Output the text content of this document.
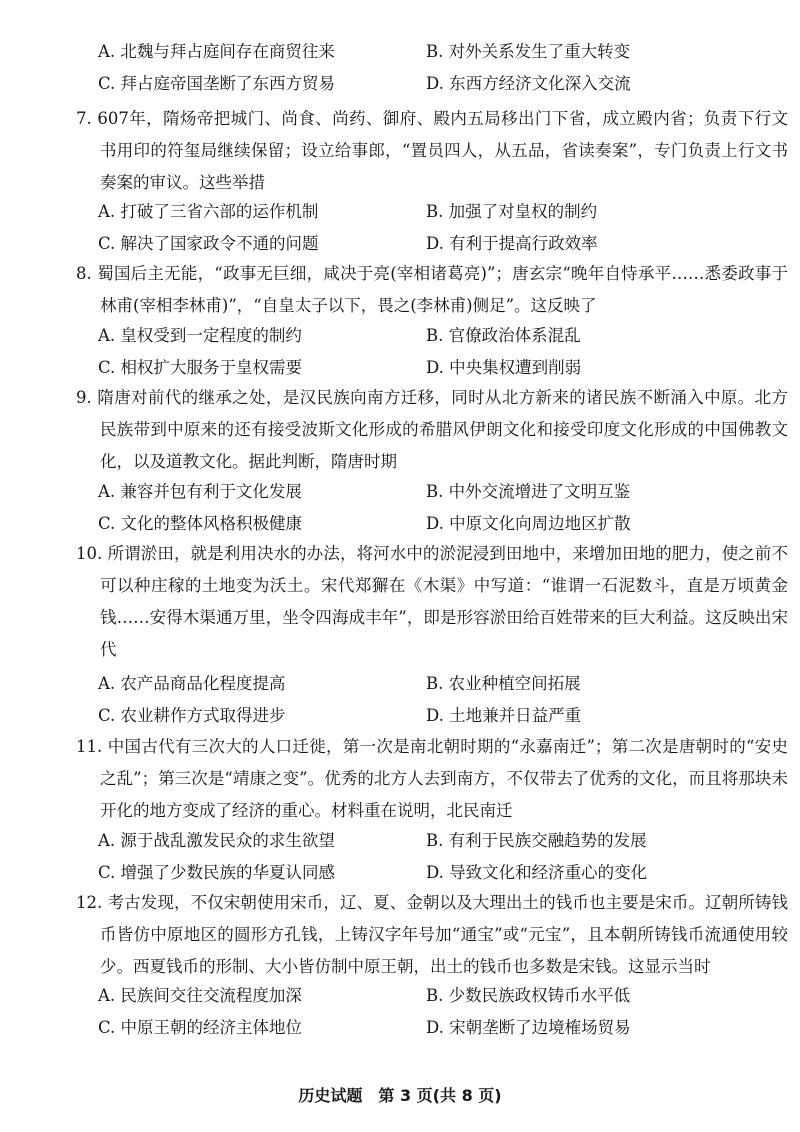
A. 北魏与拜占庭间存在商贸往来	B. 对外关系发生了重大转变
C. 拜占庭帝国垄断了东西方贸易	D. 东西方经济文化深入交流
7. 607年，隋炀帝把城门、尚食、尚药、御府、殿内五局移出门下省，成立殿内省；负责下行文书用印的符玺局继续保留；设立给事郎，“置员四人，从五品，省读奏案”，专门负责上行文书奏案的审议。这些举措
A. 打破了三省六部的运作机制	B. 加强了对皇权的制约
C. 解决了国家政令不通的问题	D. 有利于提高行政效率
8. 蜀国后主无能，“政事无巨细，咸决于亮(宰相诸葛亮)”；唐玄宗“晚年自恃承平……悉委政事于林甫(宰相李林甫)”，“自皇太子以下，畏之(李林甫)侧足”。这反映了
A. 皇权受到一定程度的制约	B. 官僚政治体系混乱
C. 相权扩大服务于皇权需要	D. 中央集权遭到削弱
9. 隋唐对前代的继承之处，是汉民族向南方迁移，同时从北方新来的诸民族不断涌入中原。北方民族带到中原来的还有接受波斯文化形成的希腊风伊朗文化和接受印度文化形成的中国佛教文化，以及道教文化。据此判断，隋唐时期
A. 兼容并包有利于文化发展	B. 中外交流增进了文明互鉴
C. 文化的整体风格积极健康	D. 中原文化向周边地区扩散
10. 所谓淤田，就是利用决水的办法，将河水中的淤泥浸到田地中，来增加田地的肥力，使之前不可以种庄稼的土地变为沃土。宋代郑獬在《木渠》中写道：“谁谓一石泥数斗，直是万顷黄金钱……安得木渠通万里，坐令四海成丰年”，即是形容淤田给百姓带来的巨大利益。这反映出宋代
A. 农产品商品化程度提高	B. 农业种植空间拓展
C. 农业耕作方式取得进步	D. 土地兼并日益严重
11. 中国古代有三次大的人口迁徙，第一次是南北朝时期的“永嘉南迁”；第二次是唐朝时的“安史之乱”；第三次是“靖康之变”。优秀的北方人去到南方，不仅带去了优秀的文化，而且将那块未开化的地方变成了经济的重心。材料重在说明，北民南迁
A. 源于战乱激发民众的求生欲望	B. 有利于民族交融趋势的发展
C. 增强了少数民族的华夏认同感	D. 导致文化和经济重心的变化
12. 考古发现，不仅宋朝使用宋币，辽、夏、金朝以及大理出土的钱币也主要是宋币。辽朝所铸钱币皆仿中原地区的圆形方孔钱，上铸汉字年号加“通宝”或“元宝”，且本朝所铸钱币流通使用较少。西夏钱币的形制、大小皆仿制中原王朝，出土的钱币也多数是宋钱。这显示当时
A. 民族间交往交流程度加深	B. 少数民族政权铸币水平低
C. 中原王朝的经济主体地位	D. 宋朝垄断了边境榷场贸易
历史试题　第 3 页(共 8 页)
